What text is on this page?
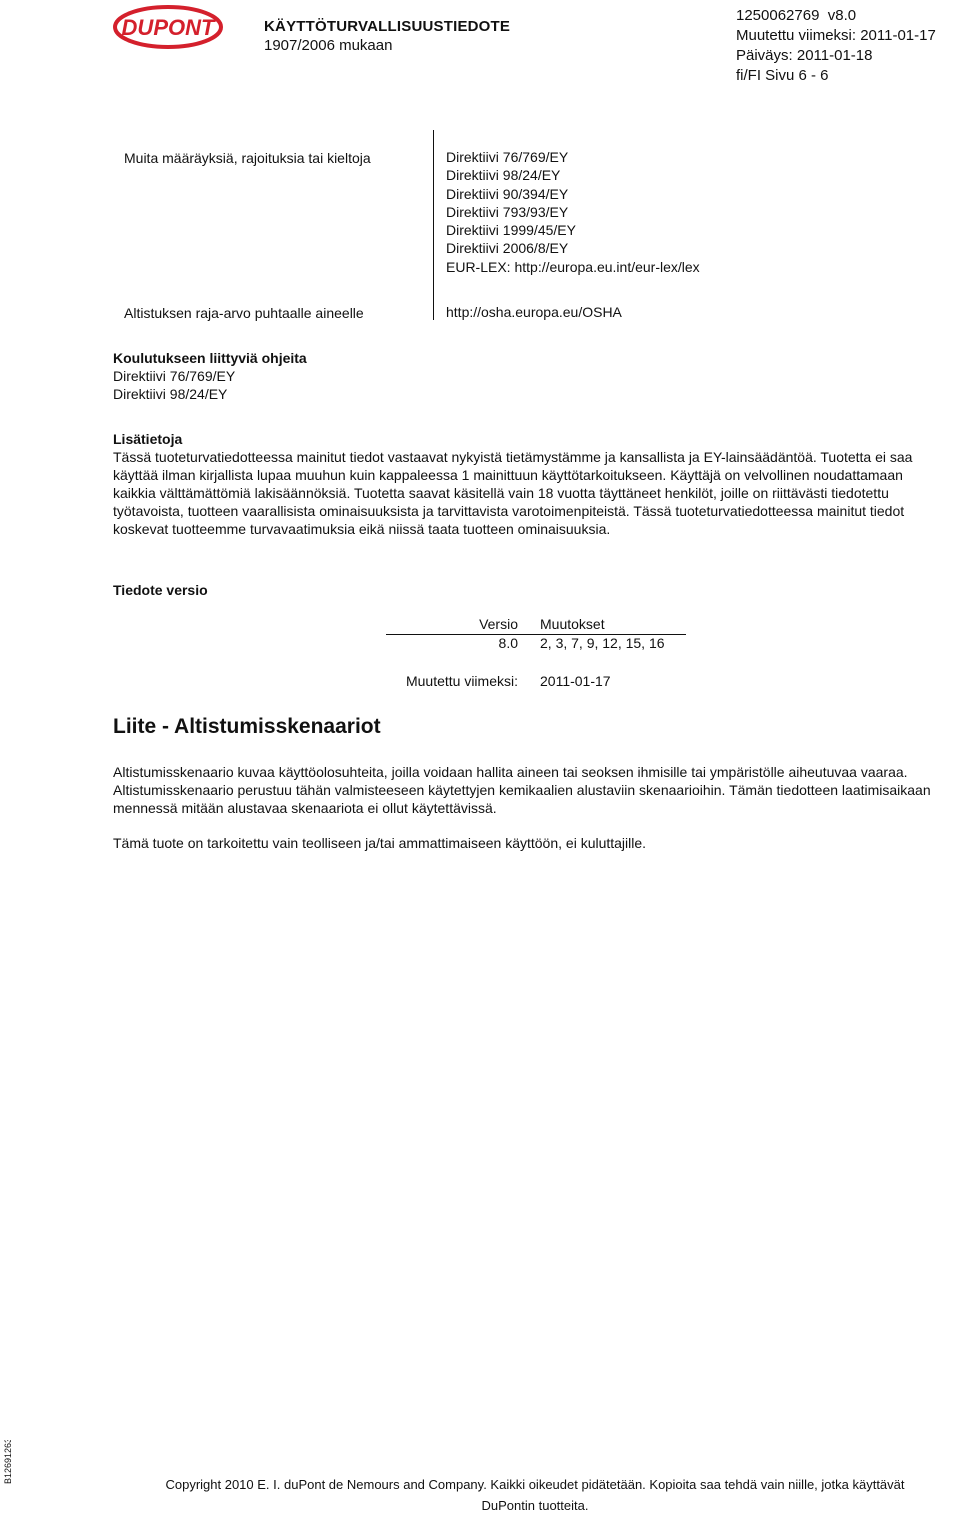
DUPONT	KÄYTTÖTURVALLISUUSTIEDOTE
1907/2006 mukaan
1250062769 v8.0
Muutettu viimeksi: 2011-01-17
Päiväys: 2011-01-18
fi/FI Sivu 6 - 6
Muita määräyksiä, rajoituksia tai kieltoja	Direktiivi 76/769/EY
Direktiivi 98/24/EY
Direktiivi 90/394/EY
Direktiivi 793/93/EY
Direktiivi 1999/45/EY
Direktiivi 2006/8/EY
EUR-LEX: http://europa.eu.int/eur-lex/lex
Altistuksen raja-arvo puhtaalle aineelle	http://osha.europa.eu/OSHA
Koulutukseen liittyviä ohjeita
Direktiivi 76/769/EY
Direktiivi 98/24/EY
Lisätietoja
Tässä tuoteturvatiedotteessa mainitut tiedot vastaavat nykyistä tietämystämme ja kansallista ja EY-lainsäädäntöä. Tuotetta ei saa käyttää ilman kirjallista lupaa muuhun kuin kappaleessa 1 mainittuun käyttötarkoitukseen. Käyttäjä on velvollinen noudattamaan kaikkia välttämättömiä lakisäännöksiä. Tuotetta saavat käsitellä vain 18 vuotta täyttäneet henkilöt, joille on riittävästi tiedotettu työtavoista, tuotteen vaarallisista ominaisuuksista ja tarvittavista varotoimenpiteistä. Tässä tuoteturvatiedotteessa mainitut tiedot koskevat tuotteemme turvavaatimuksia eikä niissä taata tuotteen ominaisuuksia.
Tiedote versio
Versio Muutokset
8.0 2, 3, 7, 9, 12, 15, 16
Muutettu viimeksi: 2011-01-17
Liite - Altistumisskenaariot
Altistumisskenaario kuvaa käyttöolosuhteita, joilla voidaan hallita aineen tai seoksen ihmisille tai ympäristölle aiheutuvaa vaaraa. Altistumisskenaario perustuu tähän valmisteeseen käytettyjen kemikaalien alustaviin skenaarioihin. Tämän tiedotteen laatimisaikaan mennessä mitään alustavaa skenaariota ei ollut käytettävissä.
Tämä tuote on tarkoitettu vain teolliseen ja/tai ammattimaiseen käyttöön, ei kuluttajille.
B12691263
Copyright 2010 E. I. duPont de Nemours and Company. Kaikki oikeudet pidätetään. Kopioita saa tehdä vain niille, jotka käyttävät
DuPontin tuotteita.
